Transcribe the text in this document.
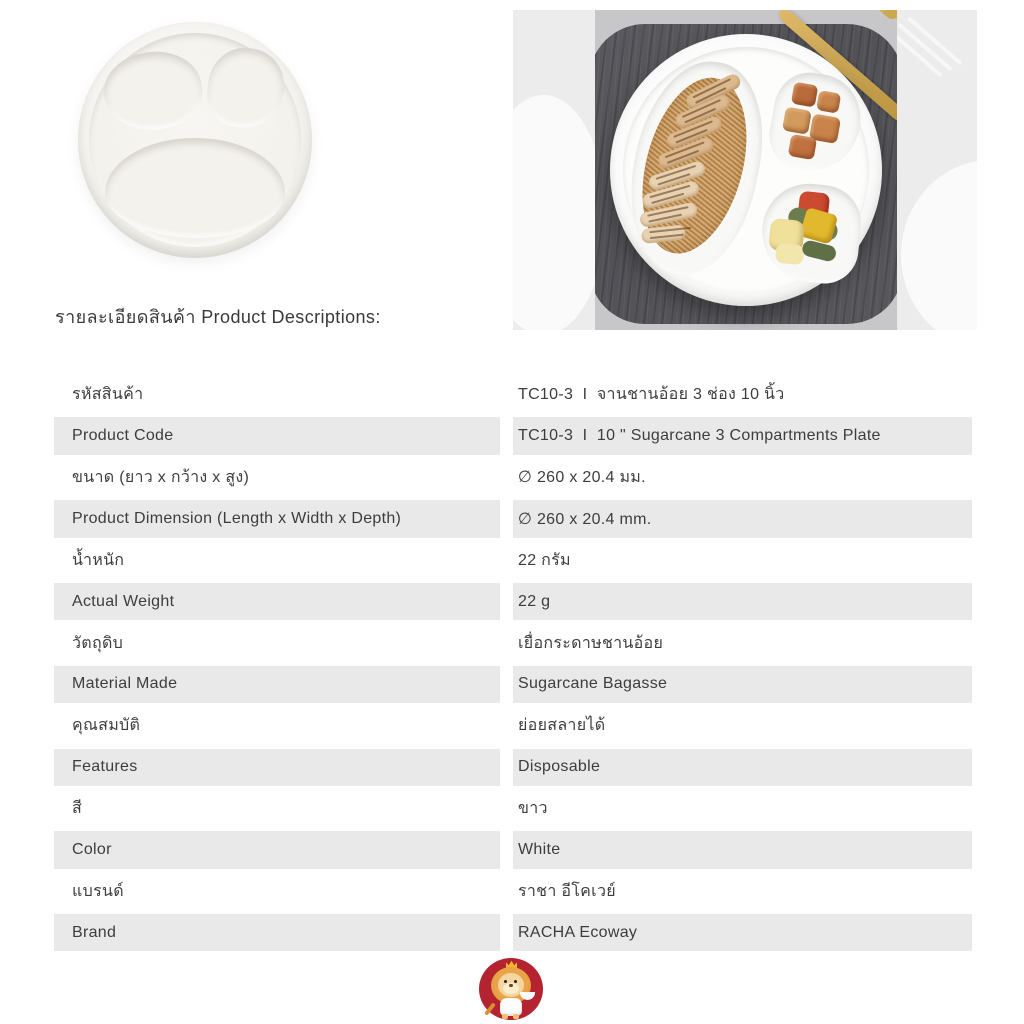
รายละเอียดสินค้า Product Descriptions:
รหัสสินค้า	TC10-3  I  จานชานอ้อย 3 ช่อง 10 นิ้ว
Product Code	TC10-3  I  10 " Sugarcane 3 Compartments Plate
ขนาด (ยาว x กว้าง x สูง)	∅ 260 x 20.4 มม.
Product Dimension (Length x Width x Depth)	∅ 260 x 20.4 mm.
น้ำหนัก	22 กรัม
Actual Weight	22 g
วัตถุดิบ	เยื่อกระดาษชานอ้อย
Material Made	Sugarcane Bagasse
คุณสมบัติ	ย่อยสลายได้
Features	Disposable
สี	ขาว
Color	White
แบรนด์	ราชา อีโคเวย์
Brand	RACHA Ecoway
